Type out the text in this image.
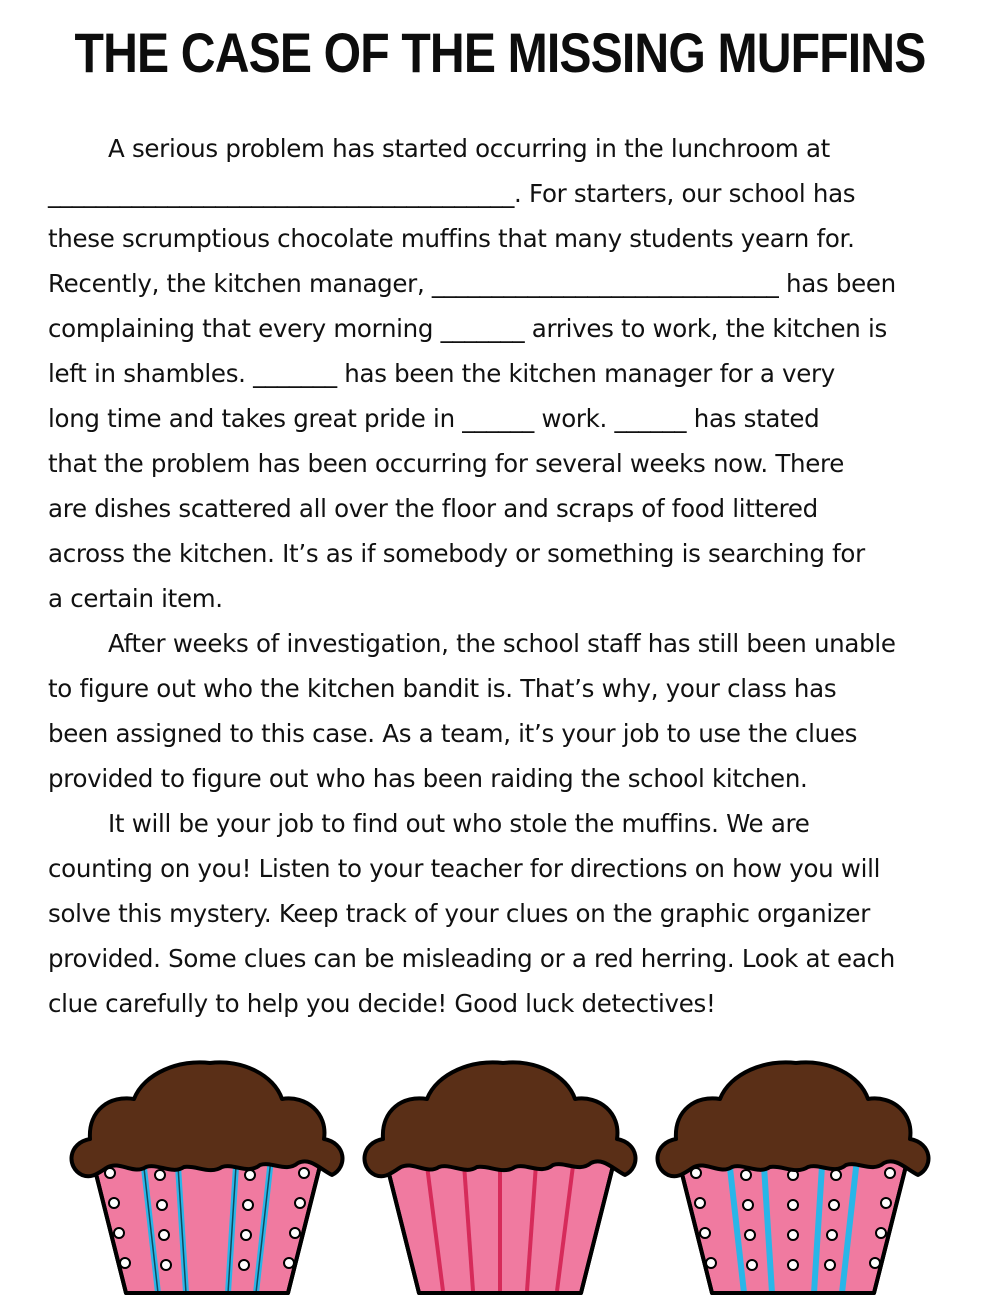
THE CASE OF THE MISSING MUFFINS
A serious problem has started occurring in the lunchroom at
_______________________________________. For starters, our school has
these scrumptious chocolate muffins that many students yearn for.
Recently, the kitchen manager, _____________________________ has been
complaining that every morning _______ arrives to work, the kitchen is
left in shambles. _______ has been the kitchen manager for a very
long time and takes great pride in ______ work. ______ has stated
that the problem has been occurring for several weeks now. There
are dishes scattered all over the floor and scraps of food littered
across the kitchen. It’s as if somebody or something is searching for
a certain item.
After weeks of investigation, the school staff has still been unable
to figure out who the kitchen bandit is. That’s why, your class has
been assigned to this case. As a team, it’s your job to use the clues
provided to figure out who has been raiding the school kitchen.
It will be your job to find out who stole the muffins. We are
counting on you! Listen to your teacher for directions on how you will
solve this mystery. Keep track of your clues on the graphic organizer
provided. Some clues can be misleading or a red herring. Look at each
clue carefully to help you decide! Good luck detectives!
